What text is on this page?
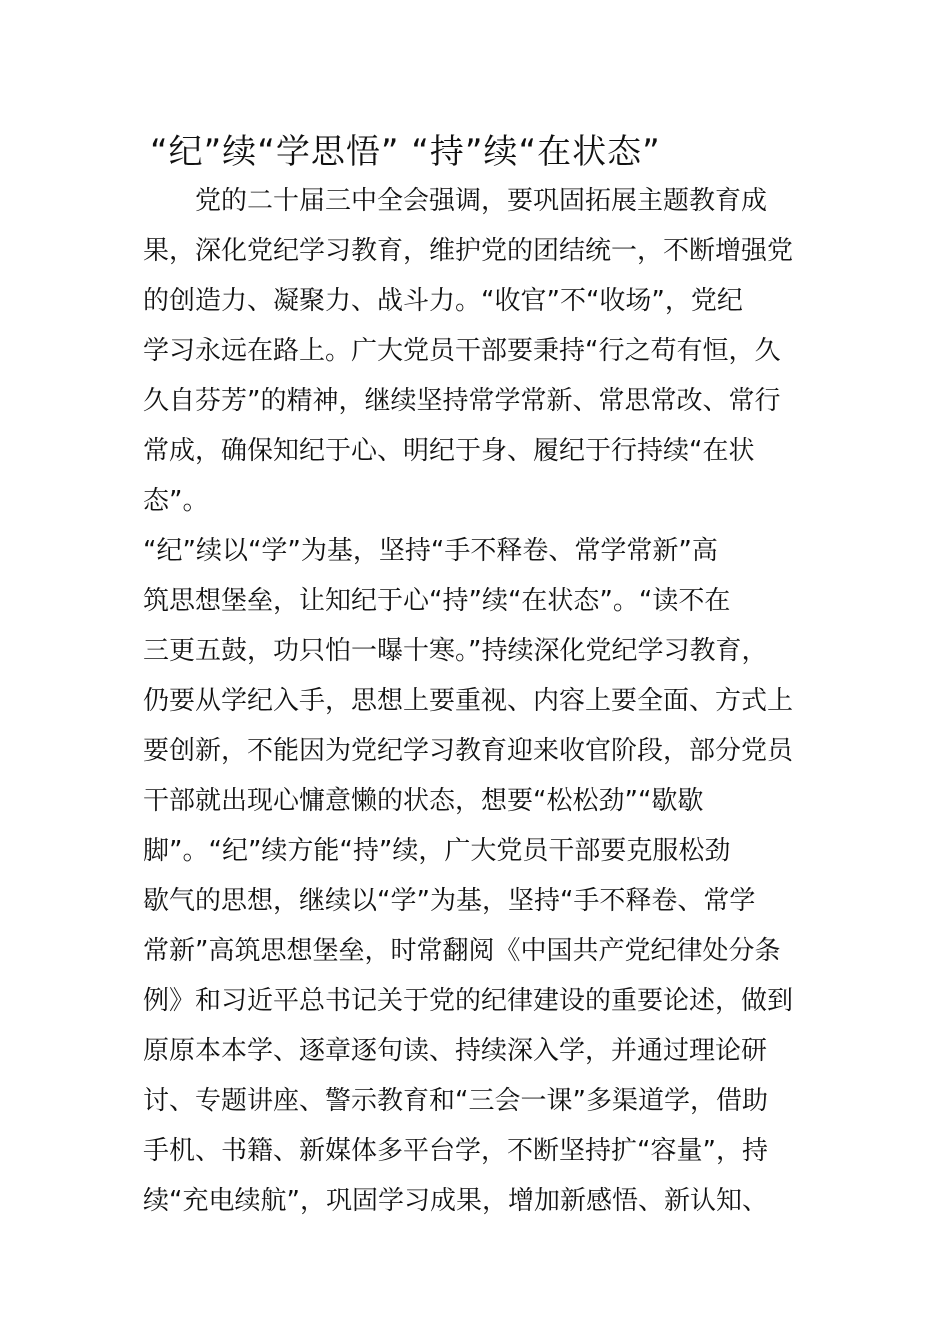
“纪”续“学思悟” “持”续“在状态”
　　党的二十届三中全会强调，要巩固拓展主题教育成
果，深化党纪学习教育，维护党的团结统一，不断增强党
的创造力、凝聚力、战斗力。“收官”不“收场”，党纪
学习永远在路上。广大党员干部要秉持“行之苟有恒，久
久自芬芳”的精神，继续坚持常学常新、常思常改、常行
常成，确保知纪于心、明纪于身、履纪于行持续“在状
态”。
“纪”续以“学”为基，坚持“手不释卷、常学常新”高
筑思想堡垒，让知纪于心“持”续“在状态”。“读不在
三更五鼓，功只怕一曝十寒。”持续深化党纪学习教育，
仍要从学纪入手，思想上要重视、内容上要全面、方式上
要创新，不能因为党纪学习教育迎来收官阶段，部分党员
干部就出现心慵意懒的状态，想要“松松劲”“歇歇
脚”。“纪”续方能“持”续，广大党员干部要克服松劲
歇气的思想，继续以“学”为基，坚持“手不释卷、常学
常新”高筑思想堡垒，时常翻阅《中国共产党纪律处分条
例》和习近平总书记关于党的纪律建设的重要论述，做到
原原本本学、逐章逐句读、持续深入学，并通过理论研
讨、专题讲座、警示教育和“三会一课”多渠道学，借助
手机、书籍、新媒体多平台学，不断坚持扩“容量”，持
续“充电续航”，巩固学习成果，增加新感悟、新认知、
